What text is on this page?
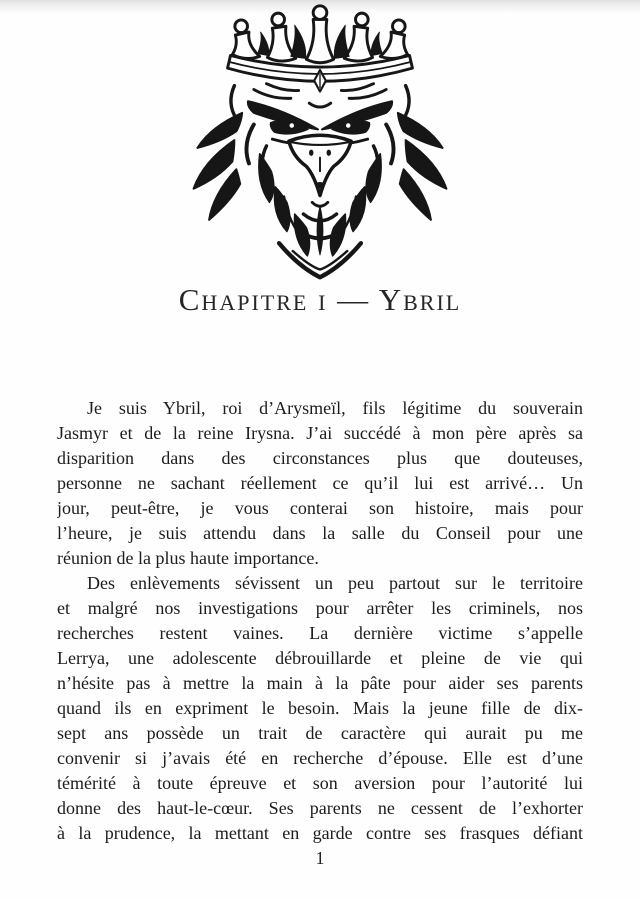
Chapitre i — Ybril
Je suis Ybril, roi d’Arysmeïl, fils légitime du souverain
Jasmyr et de la reine Irysna. J’ai succédé à mon père après sa
disparition dans des circonstances plus que douteuses,
personne ne sachant réellement ce qu’il lui est arrivé… Un
jour, peut-être, je vous conterai son histoire, mais pour
l’heure, je suis attendu dans la salle du Conseil pour une
réunion de la plus haute importance.
Des enlèvements sévissent un peu partout sur le territoire
et malgré nos investigations pour arrêter les criminels, nos
recherches restent vaines. La dernière victime s’appelle
Lerrya, une adolescente débrouillarde et pleine de vie qui
n’hésite pas à mettre la main à la pâte pour aider ses parents
quand ils en expriment le besoin. Mais la jeune fille de dix-
sept ans possède un trait de caractère qui aurait pu me
convenir si j’avais été en recherche d’épouse. Elle est d’une
témérité à toute épreuve et son aversion pour l’autorité lui
donne des haut-le-cœur. Ses parents ne cessent de l’exhorter
à la prudence, la mettant en garde contre ses frasques défiant
1
